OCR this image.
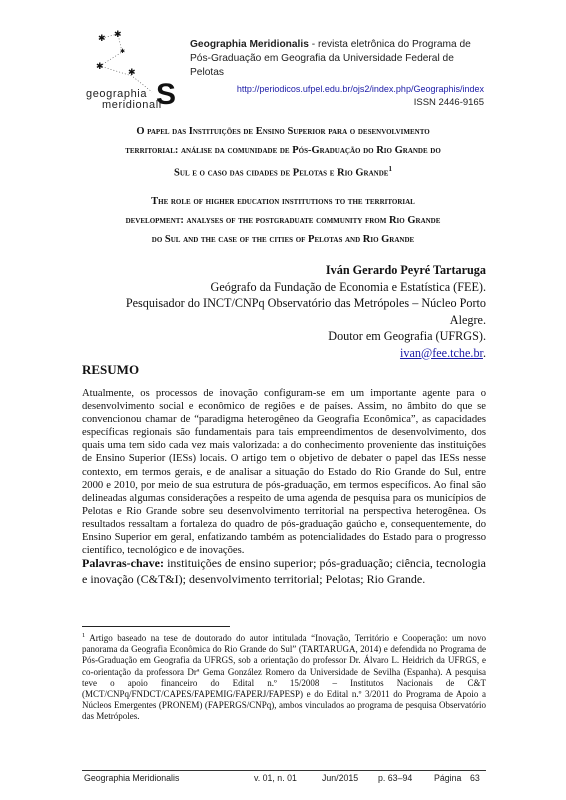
✱ ✱
✱
✱
✱
geographia
meridionali
S
Geographia Meridionalis - revista eletrônica do Programa de Pós-Graduação em Geografia da Universidade Federal de Pelotas
http://periodicos.ufpel.edu.br/ojs2/index.php/Geographis/index
ISSN 2446-9165
O papel das Instituições de Ensino Superior para o desenvolvimento
territorial: análise da comunidade de Pós-Graduação do Rio Grande do
Sul e o caso das cidades de Pelotas e Rio Grande$^1$
The role of higher education institutions to the territorial
development: analyses of the postgraduate community from Rio Grande
do Sul and the case of the cities of Pelotas and Rio Grande
Iván Gerardo Peyré Tartaruga
Geógrafo da Fundação de Economia e Estatística (FEE).
Pesquisador do INCT/CNPq Observatório das Metrópoles – Núcleo Porto Alegre.
Doutor em Geografia (UFRGS).
ivan@fee.tche.br.
RESUMO
Atualmente, os processos de inovação configuram-se em um importante agente para o desenvolvimento social e econômico de regiões e de países. Assim, no âmbito do que se convencionou chamar de “paradigma heterogêneo da Geografia Econômica”, as capacidades específicas regionais são fundamentais para tais empreendimentos de desenvolvimento, dos quais uma tem sido cada vez mais valorizada: a do conhecimento proveniente das instituições de Ensino Superior (IESs) locais. O artigo tem o objetivo de debater o papel das IESs nesse contexto, em termos gerais, e de analisar a situação do Estado do Rio Grande do Sul, entre 2000 e 2010, por meio de sua estrutura de pós-graduação, em termos específicos. Ao final são delineadas algumas considerações a respeito de uma agenda de pesquisa para os municípios de Pelotas e Rio Grande sobre seu desenvolvimento territorial na perspectiva heterogênea. Os resultados ressaltam a fortaleza do quadro de pós-graduação gaúcho e, consequentemente, do Ensino Superior em geral, enfatizando também as potencialidades do Estado para o progresso científico, tecnológico e de inovações.
Palavras-chave: instituições de ensino superior; pós-graduação; ciência, tecnologia e inovação (C&T&I); desenvolvimento territorial; Pelotas; Rio Grande.
$^1$ Artigo baseado na tese de doutorado do autor intitulada “Inovação, Território e Cooperação: um novo panorama da Geografia Econômica do Rio Grande do Sul” (TARTARUGA, 2014) e defendida no Programa de Pós-Graduação em Geografia da UFRGS, sob a orientação do professor Dr. Álvaro L. Heidrich da UFRGS, e co-orientação da professora Drª Gema González Romero da Universidade de Sevilha (Espanha). A pesquisa teve o apoio financeiro do Edital n.º 15/2008 – Institutos Nacionais de C&T (MCT/CNPq/FNDCT/CAPES/FAPEMIG/FAPERJ/FAPESP) e do Edital n.º 3/2011 do Programa de Apoio a Núcleos Emergentes (PRONEM) (FAPERGS/CNPq), ambos vinculados ao programa de pesquisa Observatório das Metrópoles.
Geographia Meridionalis	v. 01, n. 01	Jun/2015 p. 63–94 Página 63
